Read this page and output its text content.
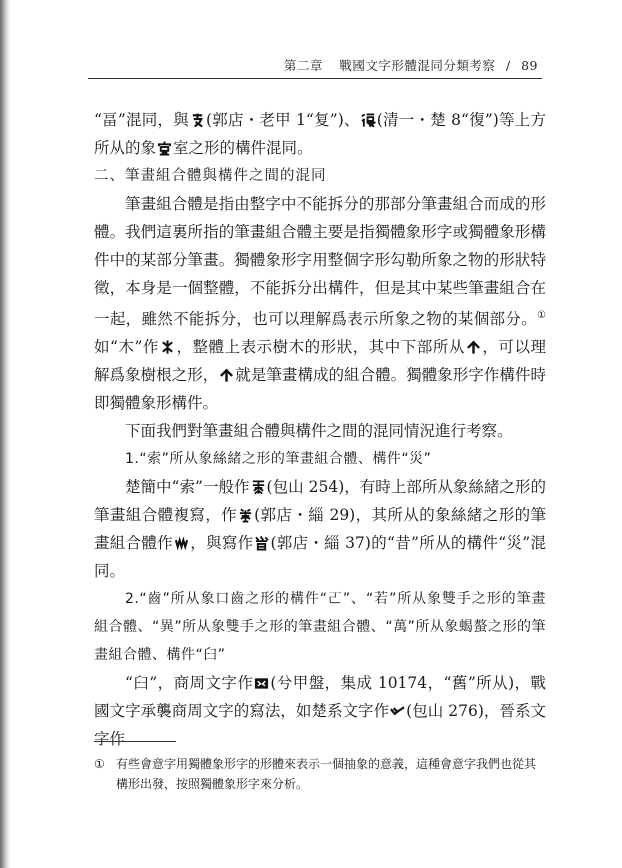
第二章 戰國文字形體混同分類考察 / 89

“畐”混同，與 (郭店・老甲 1“复”)、 (清一・楚 8“復”)等上方所从的象 室之形的構件混同。

二、筆畫組合體與構件之間的混同

筆畫組合體是指由整字中不能拆分的那部分筆畫組合而成的形體。我們這裏所指的筆畫組合體主要是指獨體象形字或獨體象形構件中的某部分筆畫。獨體象形字用整個字形勾勒所象之物的形狀特徵，本身是一個整體，不能拆分出構件，但是其中某些筆畫組合在一起，雖然不能拆分，也可以理解爲表示所象之物的某個部分。①如“木”作 ，整體上表示樹木的形狀，其中下部所从 ，可以理解爲象樹根之形， 就是筆畫構成的組合體。獨體象形字作構件時即獨體象形構件。

下面我們對筆畫組合體與構件之間的混同情況進行考察。

1.“索”所从象絲緒之形的筆畫組合體、構件“災”

楚簡中“索”一般作 (包山 254)，有時上部所从象絲緒之形的筆畫組合體複寫，作 (郭店・緇 29)，其所从的象絲緒之形的筆畫組合體作 ，與寫作 (郭店・緇 37)的“昔”所从的構件“災”混同。

2.“齒”所从象口齒之形的構件“𠀀”、“若”所从象雙手之形的筆畫組合體、“異”所从象雙手之形的筆畫組合體、“萬”所从象蝎螯之形的筆畫組合體、構件“臼”

“臼”，商周文字作 (兮甲盤，集成 10174，“舊”所从)，戰國文字承襲商周文字的寫法，如楚系文字作 (包山 276)，晉系文字作

① 有些會意字用獨體象形字的形體來表示一個抽象的意義，這種會意字我們也從其構形出發，按照獨體象形字來分析。
